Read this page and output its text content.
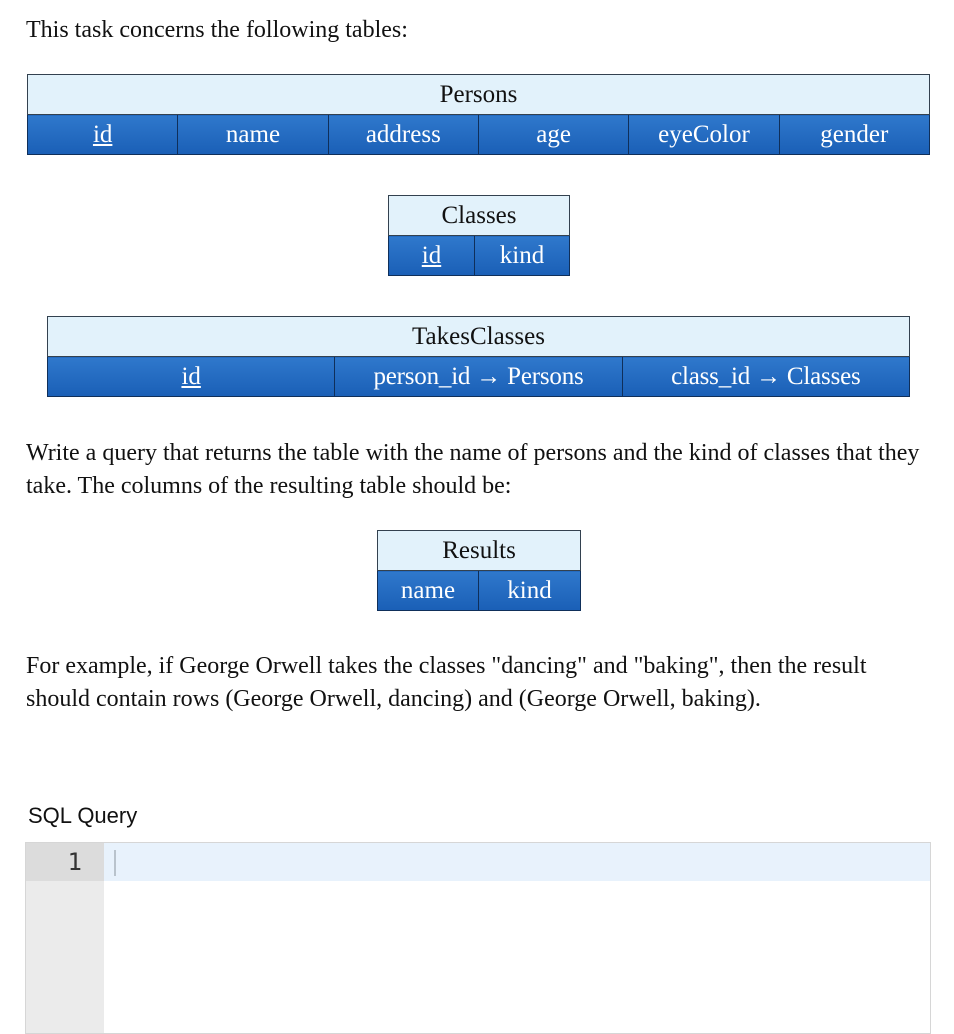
This task concerns the following tables:

Persons
id	name	address	age	eyeColor	gender
Classes
id	kind
TakesClasses
id	person_id → Persons	class_id → Classes

Write a query that returns the table with the name of persons and the kind of classes that they take. The columns of the resulting table should be:

Results
name	kind

For example, if George Orwell takes the classes "dancing" and "baking", then the result should contain rows (George Orwell, dancing) and (George Orwell, baking).

SQL Query
1
